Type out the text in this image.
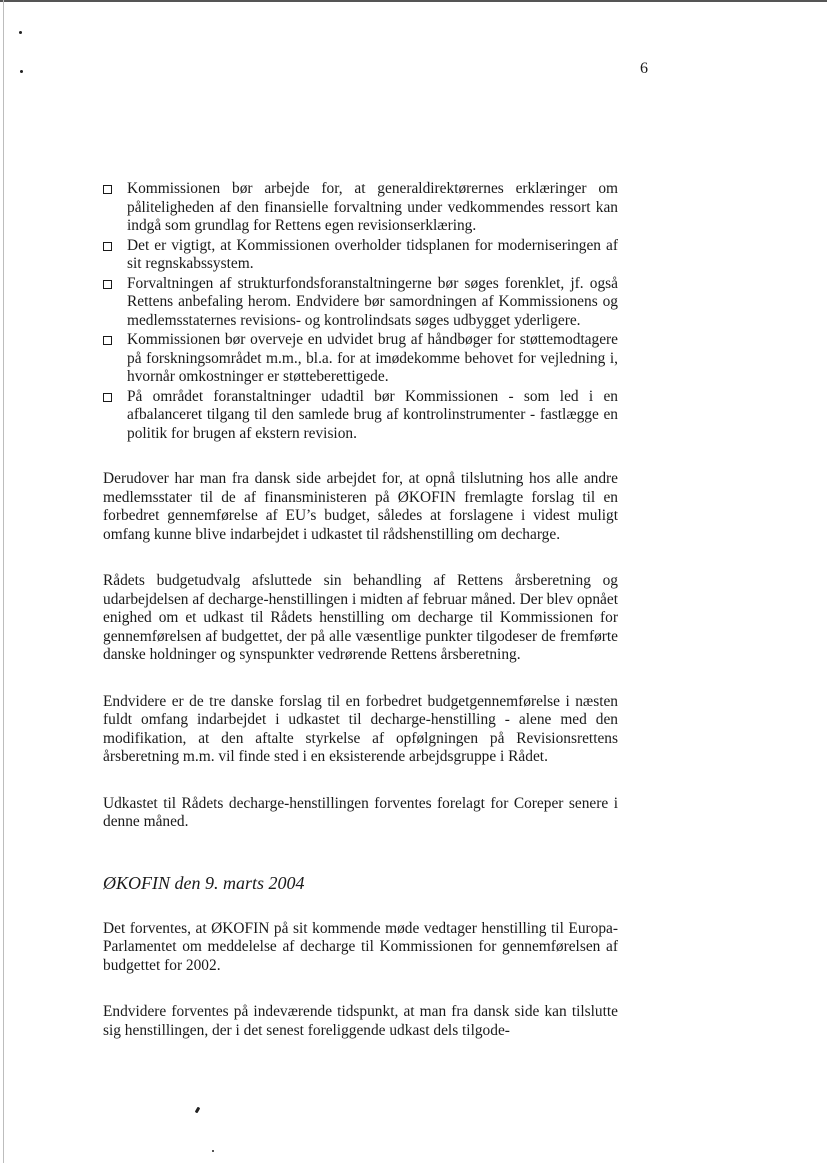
6
Kommissionen bør arbejde for, at generaldirektørernes erklæringer om påliteligheden af den finansielle forvaltning under vedkommendes ressort kan indgå som grundlag for Rettens egen revisionserklæring.
Det er vigtigt, at Kommissionen overholder tidsplanen for moderniseringen af sit regnskabssystem.
Forvaltningen af strukturfondsforanstaltningerne bør søges forenklet, jf. også Rettens anbefaling herom. Endvidere bør samordningen af Kommissionens og medlemsstaternes revisions- og kontrolindsats søges udbygget yderligere.
Kommissionen bør overveje en udvidet brug af håndbøger for støttemodtagere på forskningsområdet m.m., bl.a. for at imødekomme behovet for vejledning i, hvornår omkostninger er støtteberettigede.
På området foranstaltninger udadtil bør Kommissionen - som led i en afbalanceret tilgang til den samlede brug af kontrolinstrumenter - fastlægge en politik for brugen af ekstern revision.

Derudover har man fra dansk side arbejdet for, at opnå tilslutning hos alle andre medlemsstater til de af finansministeren på ØKOFIN fremlagte forslag til en forbedret gennemførelse af EU’s budget, således at forslagene i videst muligt omfang kunne blive indarbejdet i udkastet til rådshenstilling om decharge.

Rådets budgetudvalg afsluttede sin behandling af Rettens årsberetning og udarbejdelsen af decharge-henstillingen i midten af februar måned. Der blev opnået enighed om et udkast til Rådets henstilling om decharge til Kommissionen for gennemførelsen af budgettet, der på alle væsentlige punkter tilgodeser de fremførte danske holdninger og synspunkter vedrørende Rettens årsberetning.

Endvidere er de tre danske forslag til en forbedret budgetgennemførelse i næsten fuldt omfang indarbejdet i udkastet til decharge-henstilling - alene med den modifikation, at den aftalte styrkelse af opfølgningen på Revisionsrettens årsberetning m.m. vil finde sted i en eksisterende arbejdsgruppe i Rådet.

Udkastet til Rådets decharge-henstillingen forventes forelagt for Coreper senere i denne måned.

ØKOFIN den 9. marts 2004

Det forventes, at ØKOFIN på sit kommende møde vedtager henstilling til Europa-Parlamentet om meddelelse af decharge til Kommissionen for gennemførelsen af budgettet for 2002.

Endvidere forventes på indeværende tidspunkt, at man fra dansk side kan tilslutte sig henstillingen, der i det senest foreliggende udkast dels tilgode-
